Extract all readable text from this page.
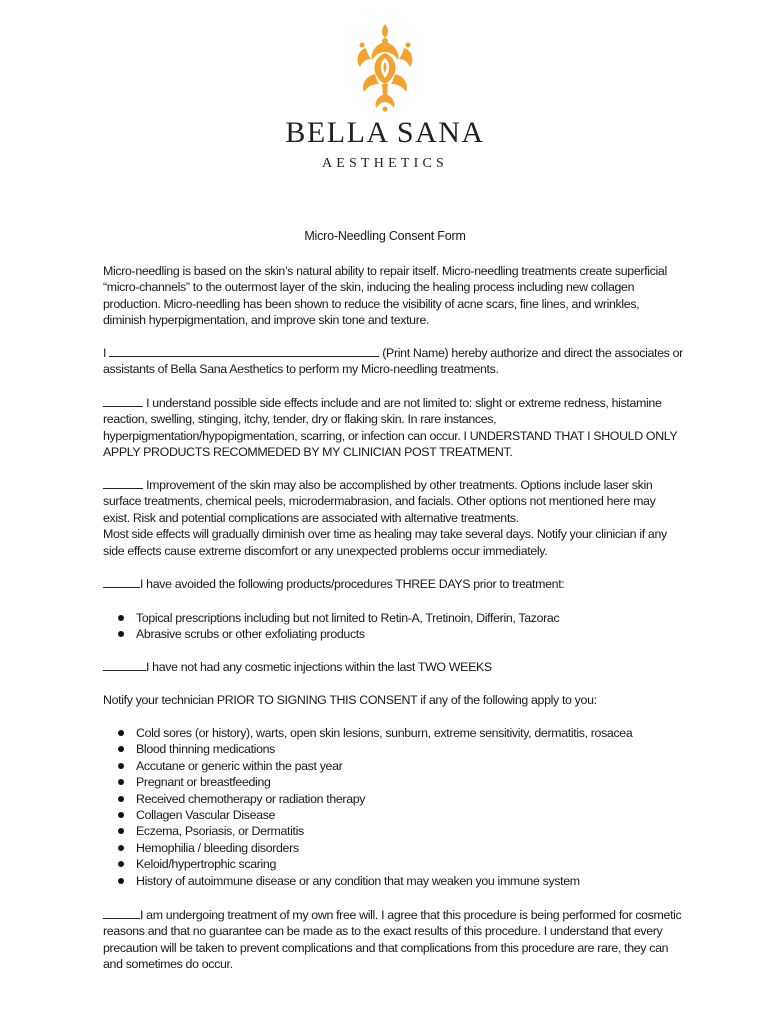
BELLA SANA
AESTHETICS
Micro-Needling Consent Form

Micro-needling is based on the skin’s natural ability to repair itself. Micro-needling treatments create superficial “micro-channels” to the outermost layer of the skin, inducing the healing process including new collagen production. Micro-needling has been shown to reduce the visibility of acne scars, fine lines, and wrinkles, diminish hyperpigmentation, and improve skin tone and texture.

I	(Print Name) hereby authorize and direct the associates or assistants of Bella Sana Aesthetics to perform my Micro-needling treatments.

I understand possible side effects include and are not limited to: slight or extreme redness, histamine reaction, swelling, stinging, itchy, tender, dry or flaking skin. In rare instances, hyperpigmentation/hypopigmentation, scarring, or infection can occur. I UNDERSTAND THAT I SHOULD ONLY APPLY PRODUCTS RECOMMEDED BY MY CLINICIAN POST TREATMENT.

Improvement of the skin may also be accomplished by other treatments. Options include laser skin surface treatments, chemical peels, microdermabrasion, and facials. Other options not mentioned here may exist. Risk and potential complications are associated with alternative treatments.

Most side effects will gradually diminish over time as healing may take several days. Notify your clinician if any side effects cause extreme discomfort or any unexpected problems occur immediately.

I have avoided the following products/procedures THREE DAYS prior to treatment:

Topical prescriptions including but not limited to Retin-A, Tretinoin, Differin, Tazorac
Abrasive scrubs or other exfoliating products

I have not had any cosmetic injections within the last TWO WEEKS

Notify your technician PRIOR TO SIGNING THIS CONSENT if any of the following apply to you:

Cold sores (or history), warts, open skin lesions, sunburn, extreme sensitivity, dermatitis, rosacea
Blood thinning medications
Accutane or generic within the past year
Pregnant or breastfeeding
Received chemotherapy or radiation therapy
Collagen Vascular Disease
Eczema, Psoriasis, or Dermatitis
Hemophilia / bleeding disorders
Keloid/hypertrophic scaring
History of autoimmune disease or any condition that may weaken you immune system

I am undergoing treatment of my own free will. I agree that this procedure is being performed for cosmetic reasons and that no guarantee can be made as to the exact results of this procedure. I understand that every precaution will be taken to prevent complications and that complications from this procedure are rare, they can and sometimes do occur.
